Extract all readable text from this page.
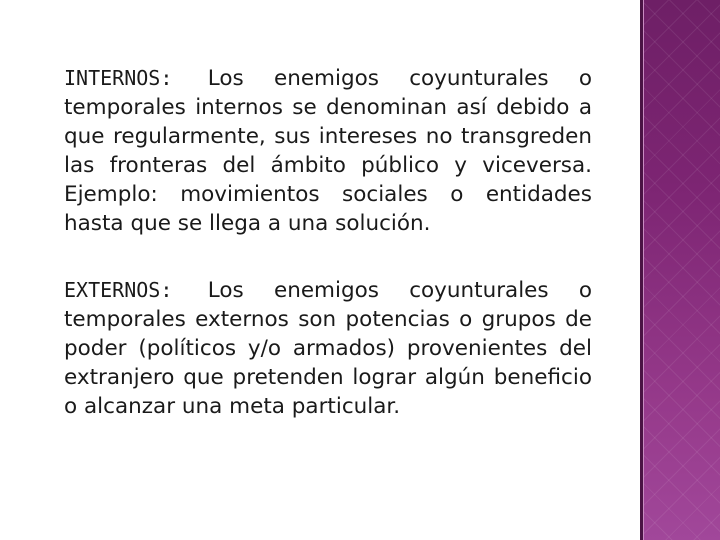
INTERNOS: Los enemigos coyunturales o temporales internos se denominan así debido a que regularmente, sus intereses no transgreden las fronteras del ámbito público y viceversa. Ejemplo: movimientos sociales o entidades hasta que se llega a una solución.
EXTERNOS: Los enemigos coyunturales o temporales externos son potencias o grupos de poder (políticos y/o armados) provenientes del extranjero que pretenden lograr algún beneficio o alcanzar una meta particular.
